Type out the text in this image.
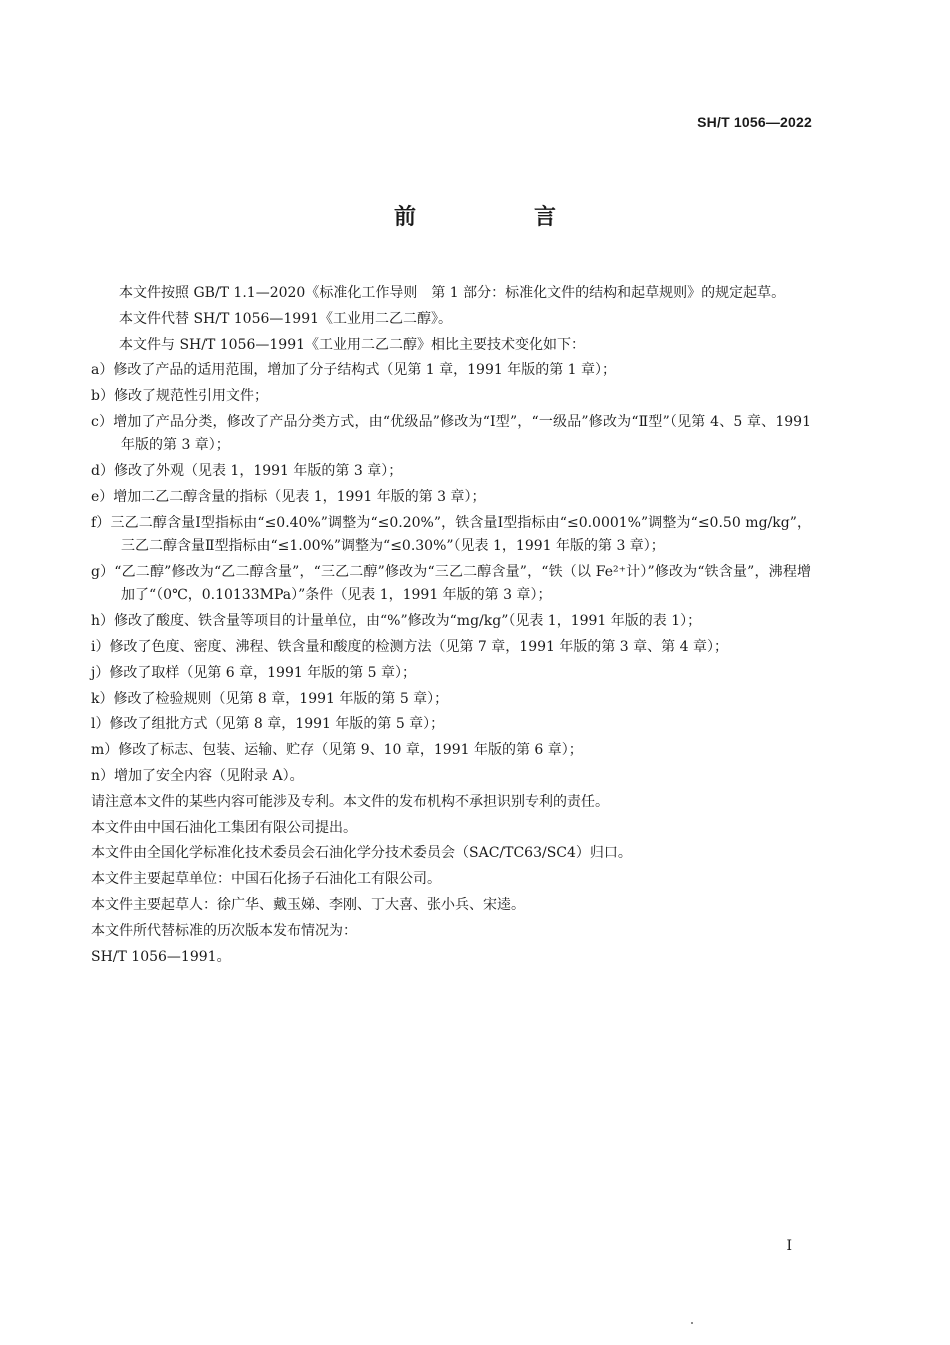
SH/T 1056—2022
前　言

本文件按照 GB/T 1.1—2020《标准化工作导则　第 1 部分：标准化文件的结构和起草规则》的规定起草。

本文件代替 SH/T 1056—1991《工业用二乙二醇》。

本文件与 SH/T 1056—1991《工业用二乙二醇》相比主要技术变化如下：

a）修改了产品的适用范围，增加了分子结构式（见第 1 章，1991 年版的第 1 章）；
b）修改了规范性引用文件；
c）增加了产品分类，修改了产品分类方式，由“优级品”修改为“Ⅰ型”，“一级品”修改为“Ⅱ型”（见第 4、5 章、1991 年版的第 3 章）；
d）修改了外观（见表 1，1991 年版的第 3 章）；
e）增加二乙二醇含量的指标（见表 1，1991 年版的第 3 章）；
f）三乙二醇含量Ⅰ型指标由“≤0.40%”调整为“≤0.20%”，铁含量Ⅰ型指标由“≤0.0001%”调整为“≤0.50 mg/kg”，三乙二醇含量Ⅱ型指标由“≤1.00%”调整为“≤0.30%”（见表 1，1991 年版的第 3 章）；
g）“乙二醇”修改为“乙二醇含量”，“三乙二醇”修改为“三乙二醇含量”，“铁（以 Fe²⁺计）”修改为“铁含量”，沸程增加了“（0℃，0.10133MPa）”条件（见表 1，1991 年版的第 3 章）；
h）修改了酸度、铁含量等项目的计量单位，由“%”修改为“mg/kg”（见表 1，1991 年版的表 1）；
i）修改了色度、密度、沸程、铁含量和酸度的检测方法（见第 7 章，1991 年版的第 3 章、第 4 章）；
j）修改了取样（见第 6 章，1991 年版的第 5 章）；
k）修改了检验规则（见第 8 章，1991 年版的第 5 章）；
l）修改了组批方式（见第 8 章，1991 年版的第 5 章）；
m）修改了标志、包装、运输、贮存（见第 9、10 章，1991 年版的第 6 章）；
n）增加了安全内容（见附录 A）。

请注意本文件的某些内容可能涉及专利。本文件的发布机构不承担识别专利的责任。

本文件由中国石油化工集团有限公司提出。

本文件由全国化学标准化技术委员会石油化学分技术委员会（SAC/TC63/SC4）归口。

本文件主要起草单位：中国石化扬子石油化工有限公司。

本文件主要起草人：徐广华、戴玉娣、李刚、丁大喜、张小兵、宋逵。

本文件所代替标准的历次版本发布情况为：

SH/T 1056—1991。

I
